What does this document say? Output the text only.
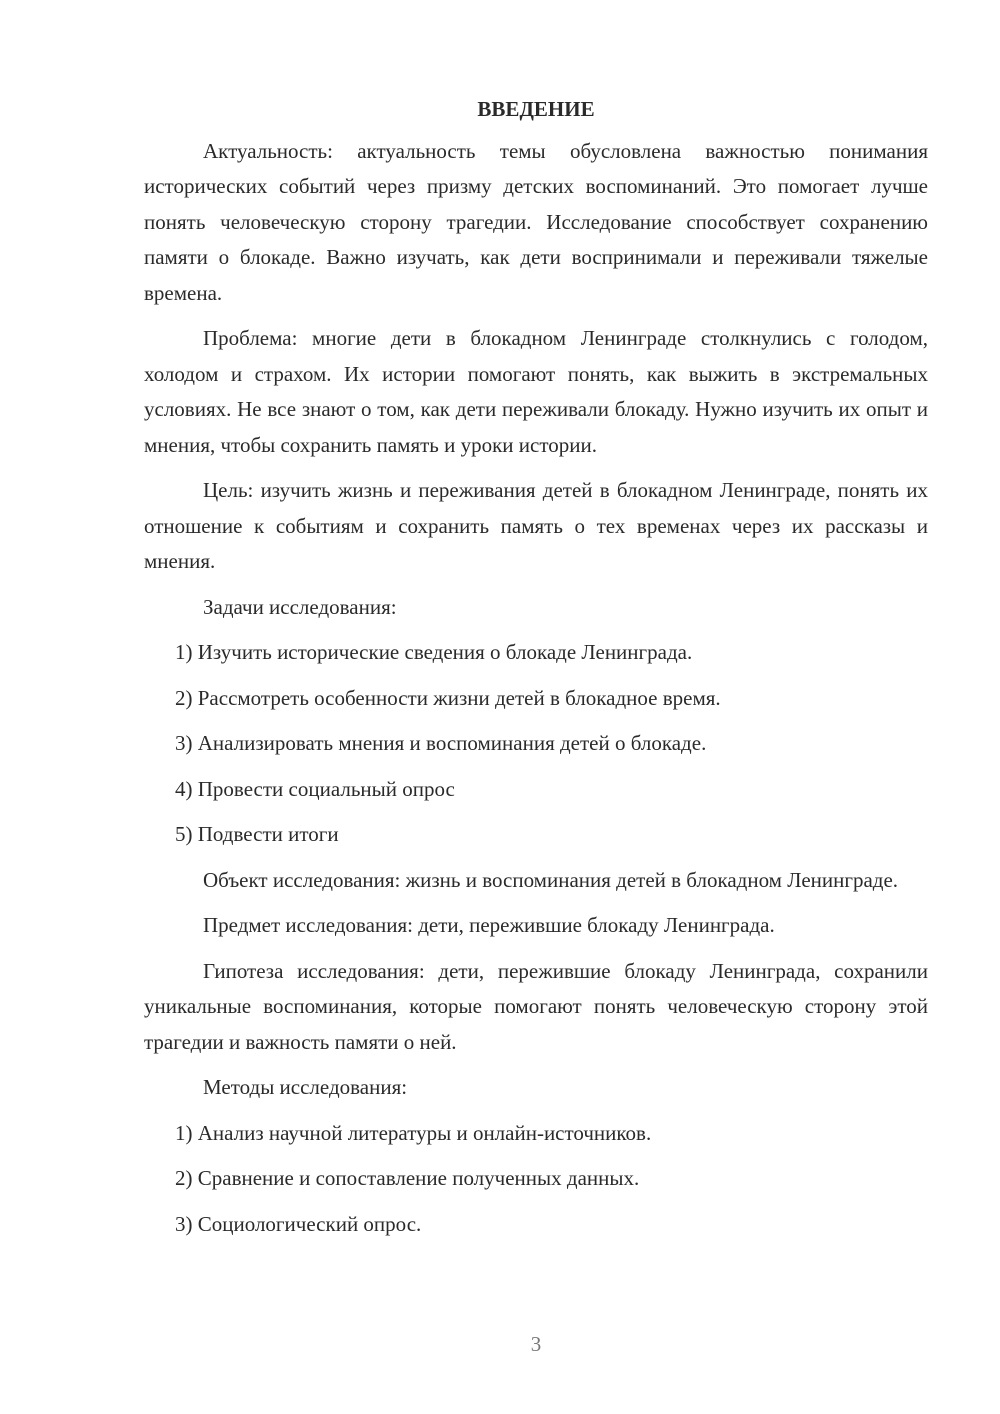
ВВЕДЕНИЕ

Актуальность: актуальность темы обусловлена важностью понимания исторических событий через призму детских воспоминаний. Это помогает лучше понять человеческую сторону трагедии. Исследование способствует сохранению памяти о блокаде. Важно изучать, как дети воспринимали и переживали тяжелые времена.

Проблема: многие дети в блокадном Ленинграде столкнулись с голодом, холодом и страхом. Их истории помогают понять, как выжить в экстремальных условиях. Не все знают о том, как дети переживали блокаду. Нужно изучить их опыт и мнения, чтобы сохранить память и уроки истории.

Цель: изучить жизнь и переживания детей в блокадном Ленинграде, понять их отношение к событиям и сохранить память о тех временах через их рассказы и мнения.

Задачи исследования:

1) Изучить исторические сведения о блокаде Ленинграда.
2) Рассмотреть особенности жизни детей в блокадное время.
3) Анализировать мнения и воспоминания детей о блокаде.
4) Провести социальный опрос
5) Подвести итоги

Объект исследования: жизнь и воспоминания детей в блокадном Ленинграде.

Предмет исследования: дети, пережившие блокаду Ленинграда.

Гипотеза исследования: дети, пережившие блокаду Ленинграда, сохранили уникальные воспоминания, которые помогают понять человеческую сторону этой трагедии и важность памяти о ней.

Методы исследования:

1) Анализ научной литературы и онлайн-источников.
2) Сравнение и сопоставление полученных данных.
3) Социологический опрос.
3
